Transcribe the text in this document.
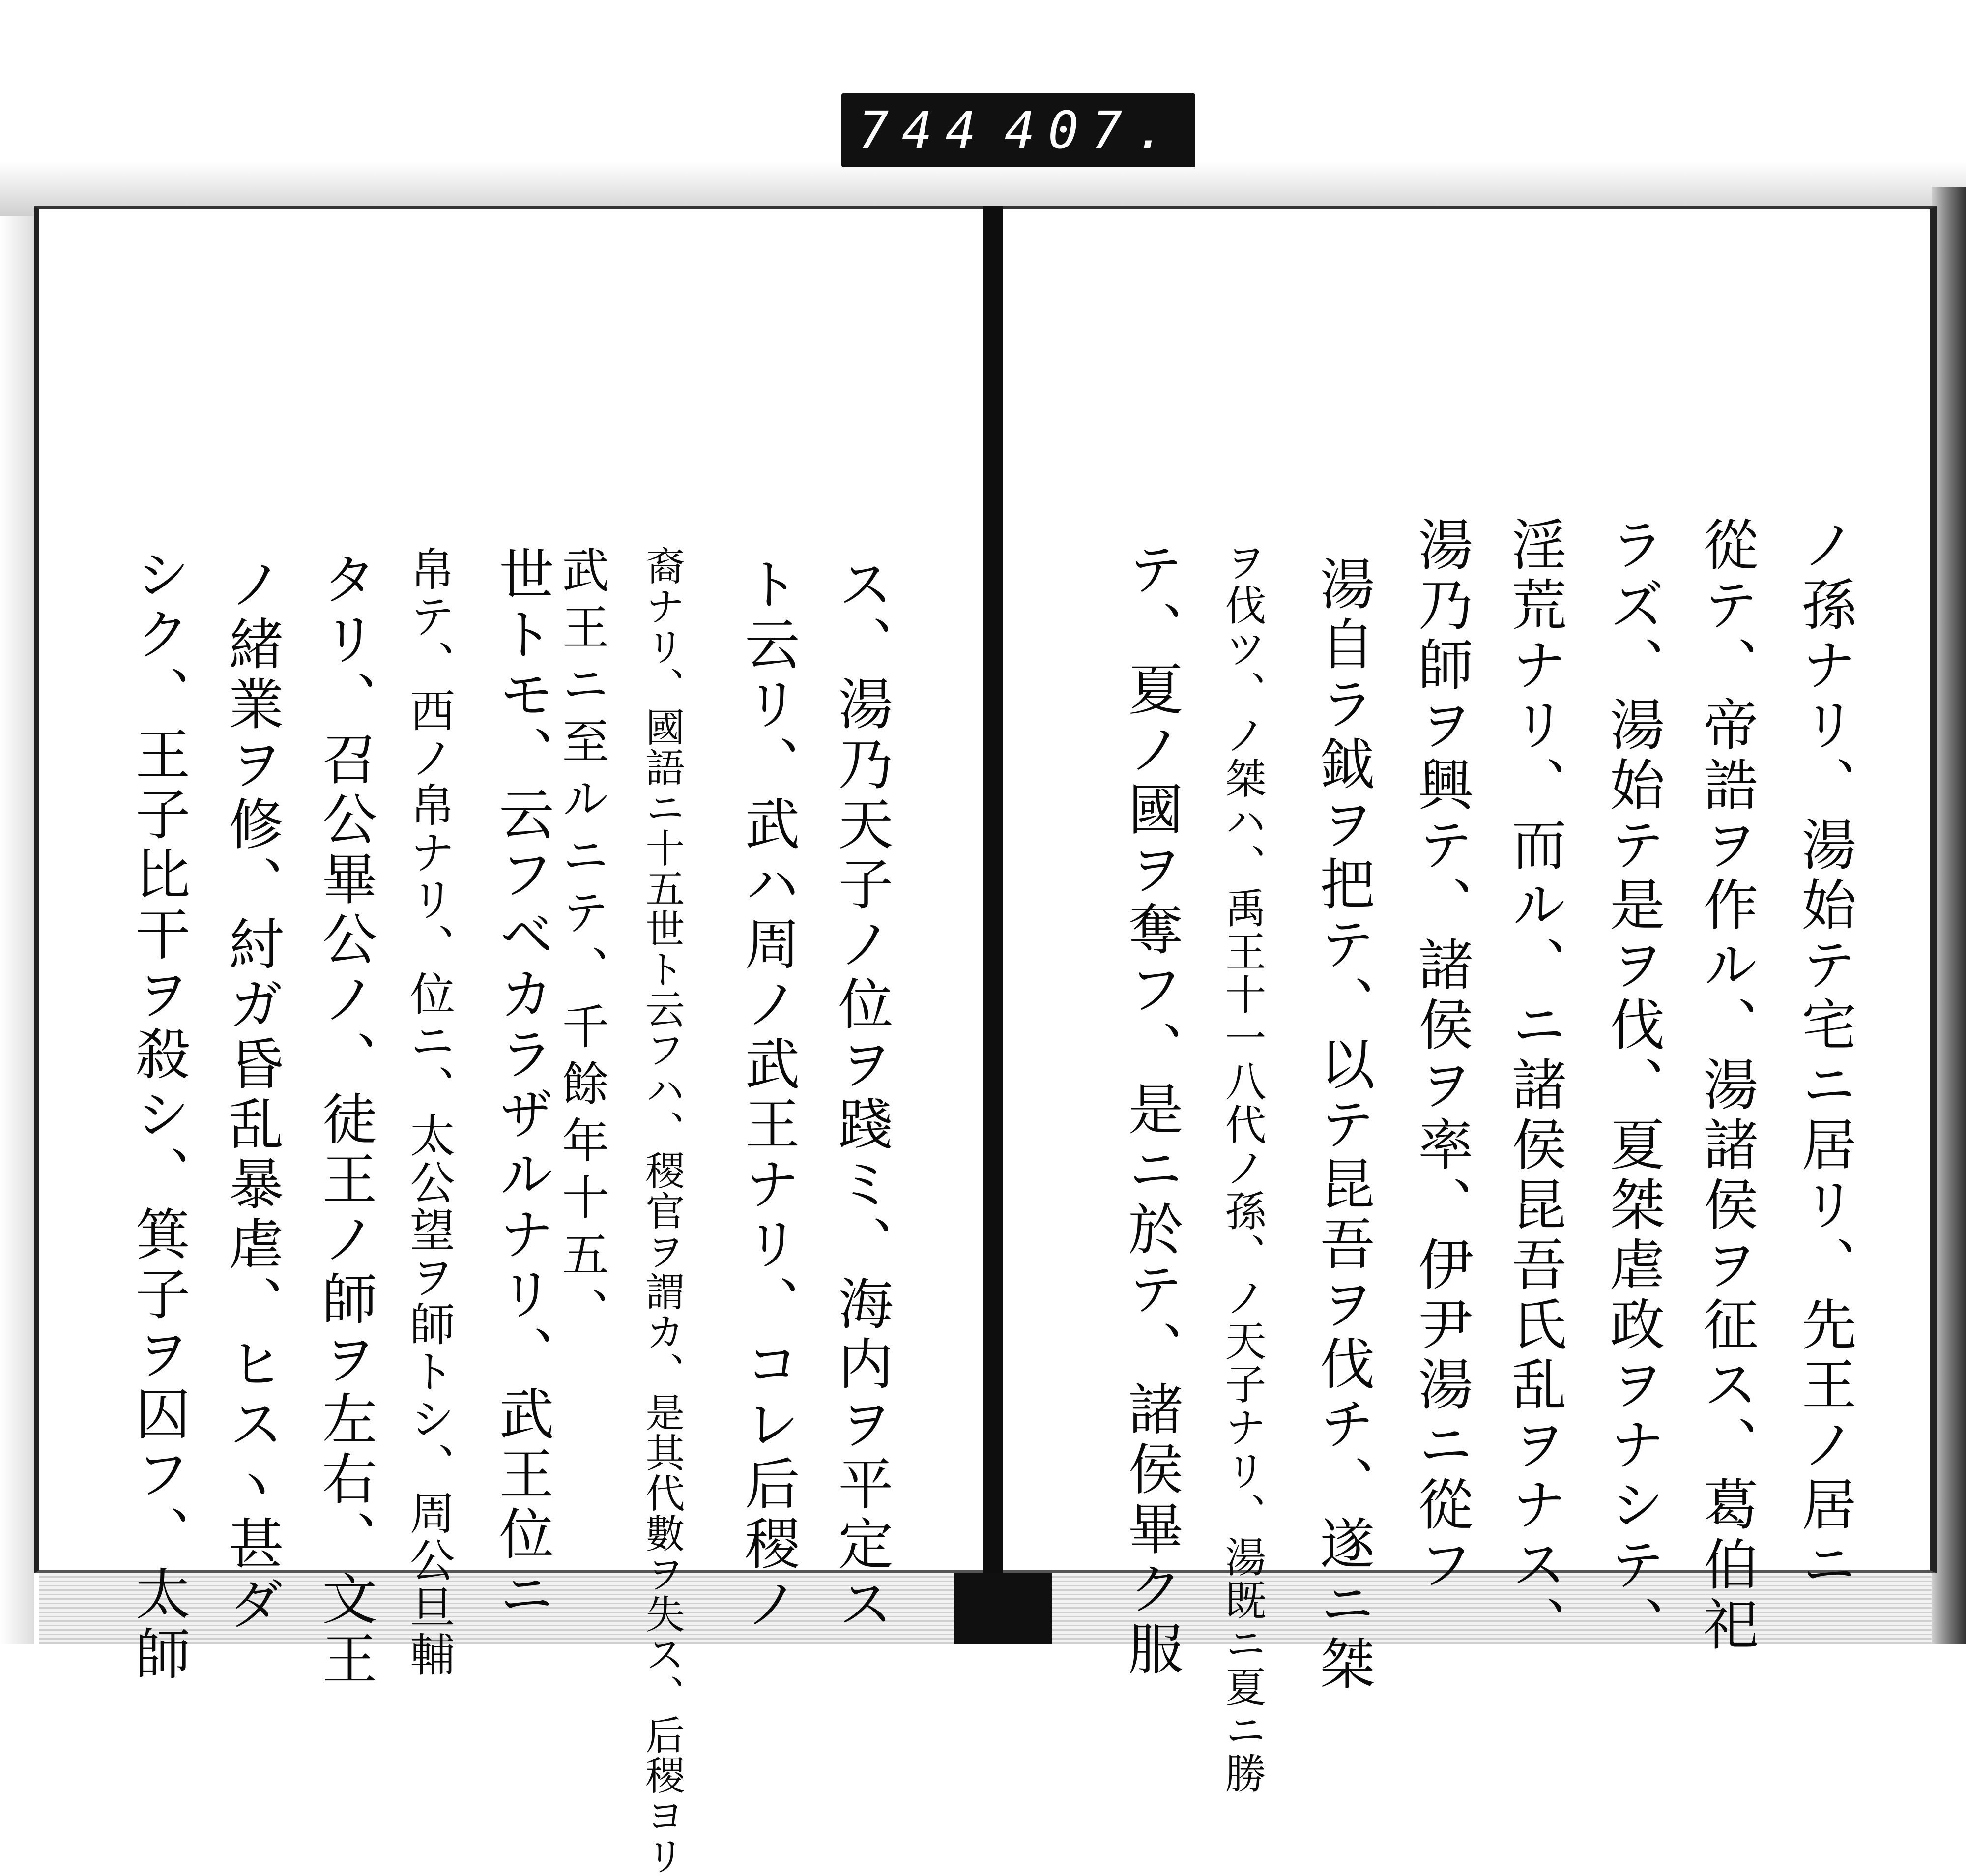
744 407.
ノ孫ナリ、湯始テ宅ニ居リ、先王ノ居ニ
從テ、帝誥ヲ作ル、湯諸侯ヲ征ス、葛伯祀
ラズ、湯始テ是ヲ伐、夏桀虐政ヲナシテ、
淫荒ナリ、而ル、ニ諸侯昆吾氏乱ヲナス、
湯乃師ヲ興テ、諸侯ヲ率、伊尹湯ニ從フ
湯自ラ鉞ヲ把テ、以テ昆吾ヲ伐チ、遂ニ桀
ヲ伐ツ、ノ桀ハ、禹王十一八代ノ孫、ノ天子ナリ、湯既ニ夏ニ勝
テ、夏ノ國ヲ奪フ、是ニ於テ、諸侯畢ク服
ス、湯乃天子ノ位ヲ踐ミ、海内ヲ平定ス
ト云リ、武ハ周ノ武王ナリ、コレ后稷ノ
裔ナリ、國語ニ十五世ト云フハ、稷官ヲ謂カ、是其代數ヲ失ス、后稷ヨリ
武王ニ至ルニテ、千餘年十五、
世トモ、云フベカラザルナリ、武王位ニ
帛テ、西ノ帛ナリ、位ニ、太公望ヲ師トシ、周公旦輔
タリ、召公畢公ノ、徒王ノ師ヲ左右、文王
ノ緒業ヲ修、紂ガ昏乱暴虐、ヒスヽ甚ダ
シク、王子比干ヲ殺シ、箕子ヲ囚フ、太師
